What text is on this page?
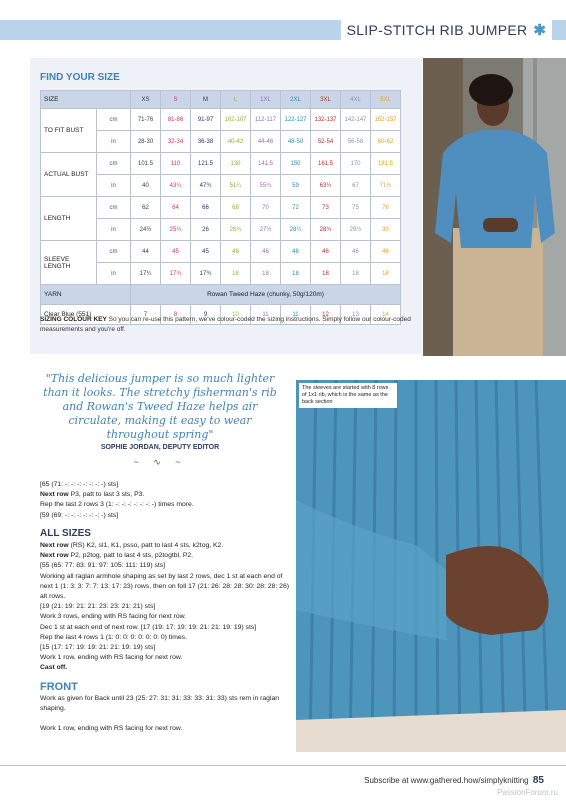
SLIP-STITCH RIB JUMPER ✱
FIND YOUR SIZE
SIZE		XS	S	M	L	1XL	2XL	3XL	4XL	5XL
TO FIT BUST	cm	71-76	81-86	91-97	102-107	112-117	122-127	132-137	142-147	152-157
	in	28-30	32-34	36-38	40-42	44-46	48-50	52-54	56-58	60-62
ACTUAL BUST	cm	101.5	110	121.5	130	141.5	150	161.5	170	181.5
	in	40	43¼	47¾	51¼	55¾	59	63½	67	71½
LENGTH	cm	62	64	66	68	70	72	73	75	76
	in	24½	25¼	26	26¾	27½	28¼	28¾	29½	30
SLEEVE LENGTH	cm	44	45	45	46	46	46	46	46	46
	in	17¼	17¾	17¾	18	18	18	18	18	18
YARN		Rowan Tweed Haze (chunky, 50g/120m)								
Clear Blue (551)		7	8	9	10	11	11	12	13	14
SIZING COLOUR KEY So you can re-use this pattern, we've colour-coded the sizing instructions. Simply follow our colour-coded measurements and you're off.
"This delicious jumper is so much lighter than it looks. The stretchy fisherman's rib and Rowan's Tweed Haze helps air circulate, making it easy to wear throughout spring"
SOPHIE JORDAN, DEPUTY EDITOR
~ ∿ ~

[65 (71: -: -: -: -: -: -: -) sts]

Next row P3, patt to last 3 sts, P3.

Rep the last 2 rows 3 (1: -: -: -: -: -: -: -) times more.

[59 (69: -: -: -: -: -: -: -) sts]

ALL SIZES

Next row (RS) K2, sl1, K1, psso, patt to last 4 sts, k2tog, K2.

Next row P2, p2tog, patt to last 4 sts, p2togtbl, P2.

[55 (65: 77: 83: 91: 97: 105: 111: 119) sts]

Working all raglan armhole shaping as set by last 2 rows, dec 1 st at each end of next 1 (1: 3: 3: 7: 7: 13: 17: 23) rows, then on foll 17 (21: 26: 28: 28: 30: 28: 28: 26) alt rows.

[19 (21: 19: 21: 21: 23: 23: 21: 21) sts]

Work 3 rows, ending with RS facing for next row.

Dec 1 st at each end of next row. [17 (19: 17: 19: 19: 21: 21: 19: 19) sts]

Rep the last 4 rows 1 (1: 0: 0: 0: 0: 0: 0: 0) times.

[15 (17: 17: 19: 19: 21: 21: 19: 19) sts]

Work 1 row, ending with RS facing for next row.

Cast off.

FRONT

Work as given for Back until 23 (25: 27: 31: 31: 33: 33: 31: 33) sts rem in raglan shaping.

Work 1 row, ending with RS facing for next row.

The sleeves are started with 8 rows of 1x1 rib, which is the same as the back section
Subscribe at www.gathered.how/simplyknitting 85
PassionForum.ru
